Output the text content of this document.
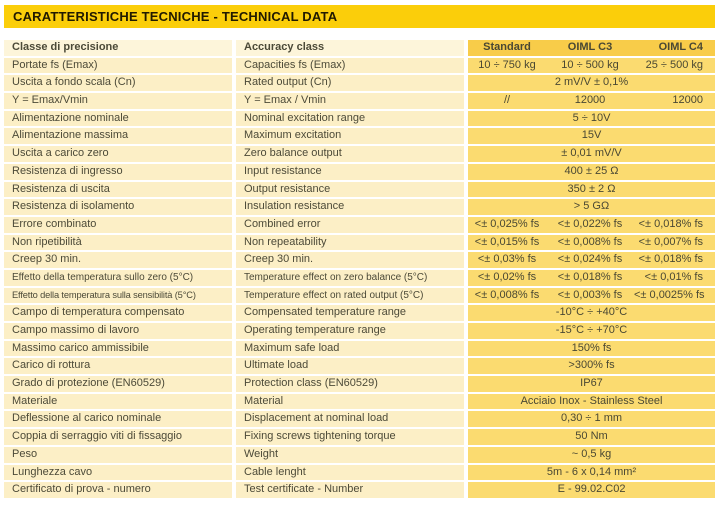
CARATTERISTICHE TECNICHE - TECHNICAL DATA
Classe di precisione	Accuracy class	Standard	OIML C3	OIML C4
Portate fs (Emax)	Capacities fs (Emax)	10 ÷ 750 kg	10 ÷ 500 kg	25 ÷ 500 kg
Uscita a fondo scala (Cn)	Rated output (Cn)	2 mV/V ± 0,1%
Y = Emax/Vmin	Y = Emax / Vmin	//	12000	12000
Alimentazione nominale	Nominal excitation range	5 ÷ 10V
Alimentazione massima	Maximum excitation	15V
Uscita a carico zero	Zero balance output	± 0,01 mV/V
Resistenza di ingresso	Input resistance	400 ± 25 Ω
Resistenza di uscita	Output resistance	350 ± 2 Ω
Resistenza di isolamento	Insulation resistance	> 5 GΩ
Errore combinato	Combined error	<± 0,025% fs	<± 0,022% fs	<± 0,018% fs
Non ripetibilità	Non repeatability	<± 0,015% fs	<± 0,008% fs	<± 0,007% fs
Creep 30 min.	Creep 30 min.	<± 0,03% fs	<± 0,024% fs	<± 0,018% fs
Effetto della temperatura sullo zero (5°C)	Temperature effect on zero balance (5°C)	<± 0,02% fs	<± 0,018% fs	<± 0,01% fs
Effetto della temperatura sulla sensibilità (5°C)	Temperature effect on rated output (5°C)	<± 0,008% fs	<± 0,003% fs	<± 0,0025% fs
Campo di temperatura compensato	Compensated temperature range	-10°C ÷ +40°C
Campo massimo di lavoro	Operating temperature range	-15°C ÷ +70°C
Massimo carico ammissibile	Maximum safe load	150% fs
Carico di rottura	Ultimate load	>300% fs
Grado di protezione (EN60529)	Protection class (EN60529)	IP67
Materiale	Material	Acciaio Inox - Stainless Steel
Deflessione al carico nominale	Displacement at nominal load	0,30 ÷ 1 mm
Coppia di serraggio viti di fissaggio	Fixing screws tightening torque	50 Nm
Peso	Weight	~ 0,5 kg
Lunghezza cavo	Cable lenght	5m - 6 x 0,14 mm²
Certificato di prova - numero	Test certificate - Number	E - 99.02.C02
